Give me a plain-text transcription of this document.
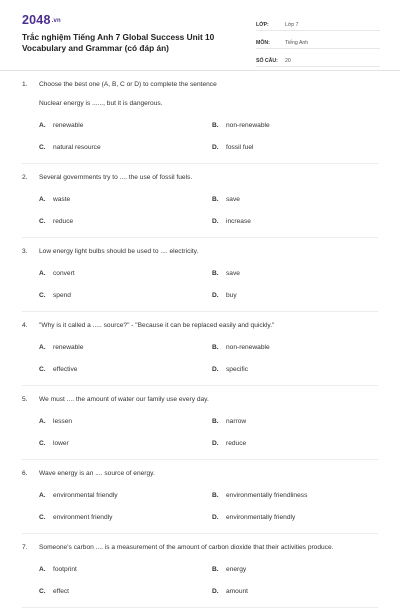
2048.vn
Trắc nghiệm Tiếng Anh 7 Global Success Unit 10 Vocabulary and Grammar (có đáp án)
LỚP:	Lớp 7
MÔN:	Tiếng Anh
SỐ CÂU:	20
1.	Choose the best one (A, B, C or D) to complete the sentence
Nuclear energy is ......, but it is dangerous.
A.	renewable	B.	non-renewable
C.	natural resource	D.	fossil fuel
2.	Several governments try to .... the use of fossil fuels.
A.	waste	B.	save
C.	reduce	D.	increase
3.	Low energy light bulbs should be used to .... electricity.
A.	convert	B.	save
C.	spend	D.	buy
4.	"Why is it called a ..... source?" - "Because it can be replaced easily and quickly."
A.	renewable	B.	non-renewable
C.	effective	D.	specific
5.	We must .... the amount of water our family use every day.
A.	lessen	B.	narrow
C.	lower	D.	reduce
6.	Wave energy is an .... source of energy.
A.	environmental friendly	B.	environmentally friendliness
C.	environment friendly	D.	environmentally friendly
7.	Someone's carbon .... is a measurement of the amount of carbon dioxide that their activities produce.
A.	footprint	B.	energy
C.	effect	D.	amount
